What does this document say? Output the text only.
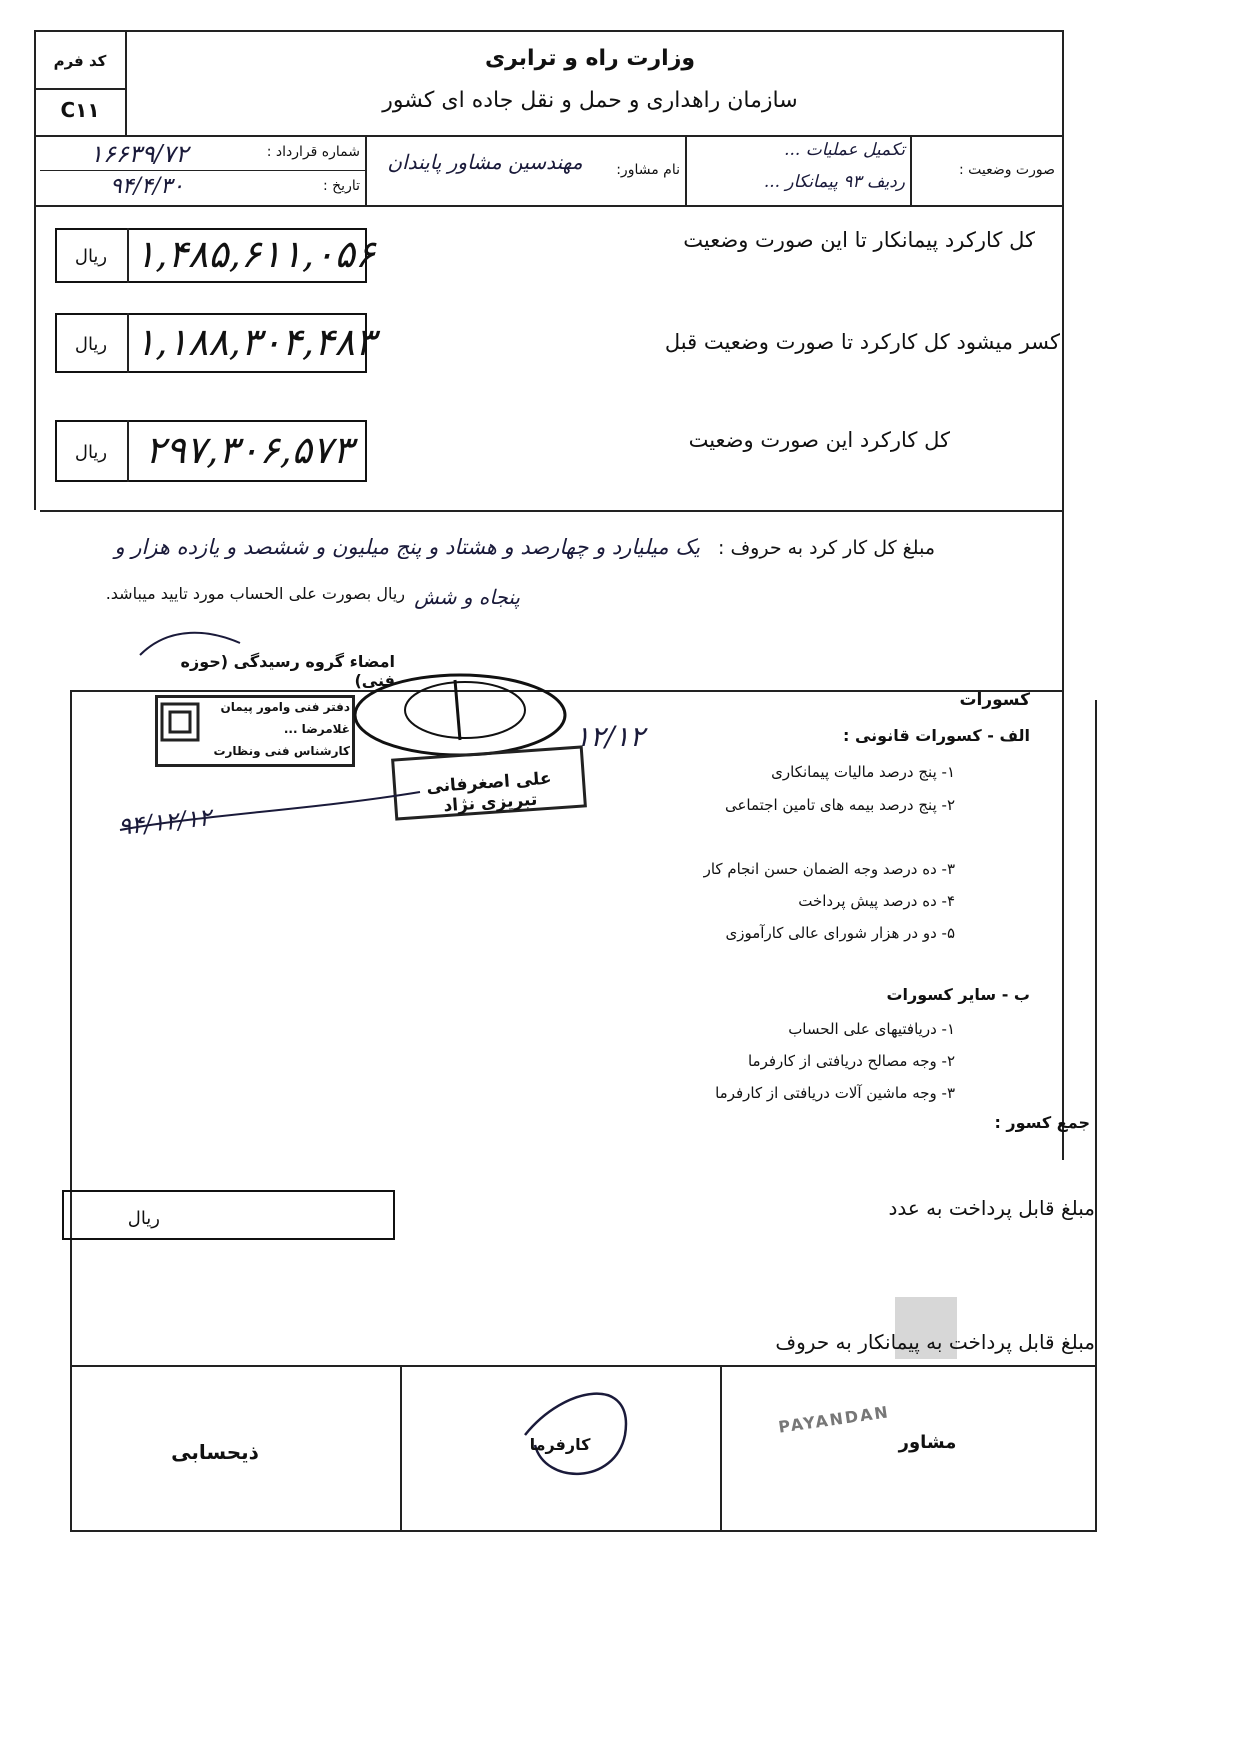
کد فرم
C۱۱
وزارت راه و ترابری
سازمان راهداری و حمل و نقل جاده ای کشور
۱۶۶۳۹/۷۲	شماره قرارداد :
۹۴/۴/۳۰	تاریخ :
مهندسین مشاور پایندان	نام مشاور:
تکمیل عملیات ...
ردیف ۹۳ پیمانکار ...
صورت وضعیت :
۱,۴۸۵,۶۱۱,۰۵۶
ریال
کل کارکرد پیمانکار تا این صورت وضعیت
۱,۱۸۸,۳۰۴,۴۸۳
ریال	کسر میشود کل کارکرد تا صورت وضعیت قبل
۲۹۷,۳۰۶,۵۷۳
ریال
کل کارکرد این صورت وضعیت
مبلغ کل کار کرد به حروف :
یک میلیارد و چهارصد و هشتاد و پنج میلیون و ششصد و یازده هزار و
پنجاه و شش
ریال بصورت علی الحساب مورد تایید میباشد.
امضاء گروه رسیدگی (حوزه فنی)
دفتر فنی وامور پیمان
غلامرضا ...
کارشناس فنی ونظارت
علی اصغرفانی تبریزی نژاد
۱۲/۱۲
۹۴/۱۲/۱۲
کسورات
الف - کسورات قانونی :
۱- پنج درصد مالیات پیمانکاری
۲- پنج درصد بیمه های تامین اجتماعی
۳- ده درصد وجه الضمان حسن انجام کار
۴- ده درصد پیش پرداخت
۵- دو در هزار شورای عالی کارآموزی
ب - سایر کسورات
۱- دریافتیهای علی الحساب
۲- وجه مصالح دریافتی از کارفرما
۳- وجه ماشین آلات دریافتی از کارفرما
جمع کسور :
ریال	مبلغ قابل پرداخت به عدد
مبلغ قابل پرداخت به پیمانکار به حروف
ذیحسابی	کارفرما
PAYANDAN
مشاور
